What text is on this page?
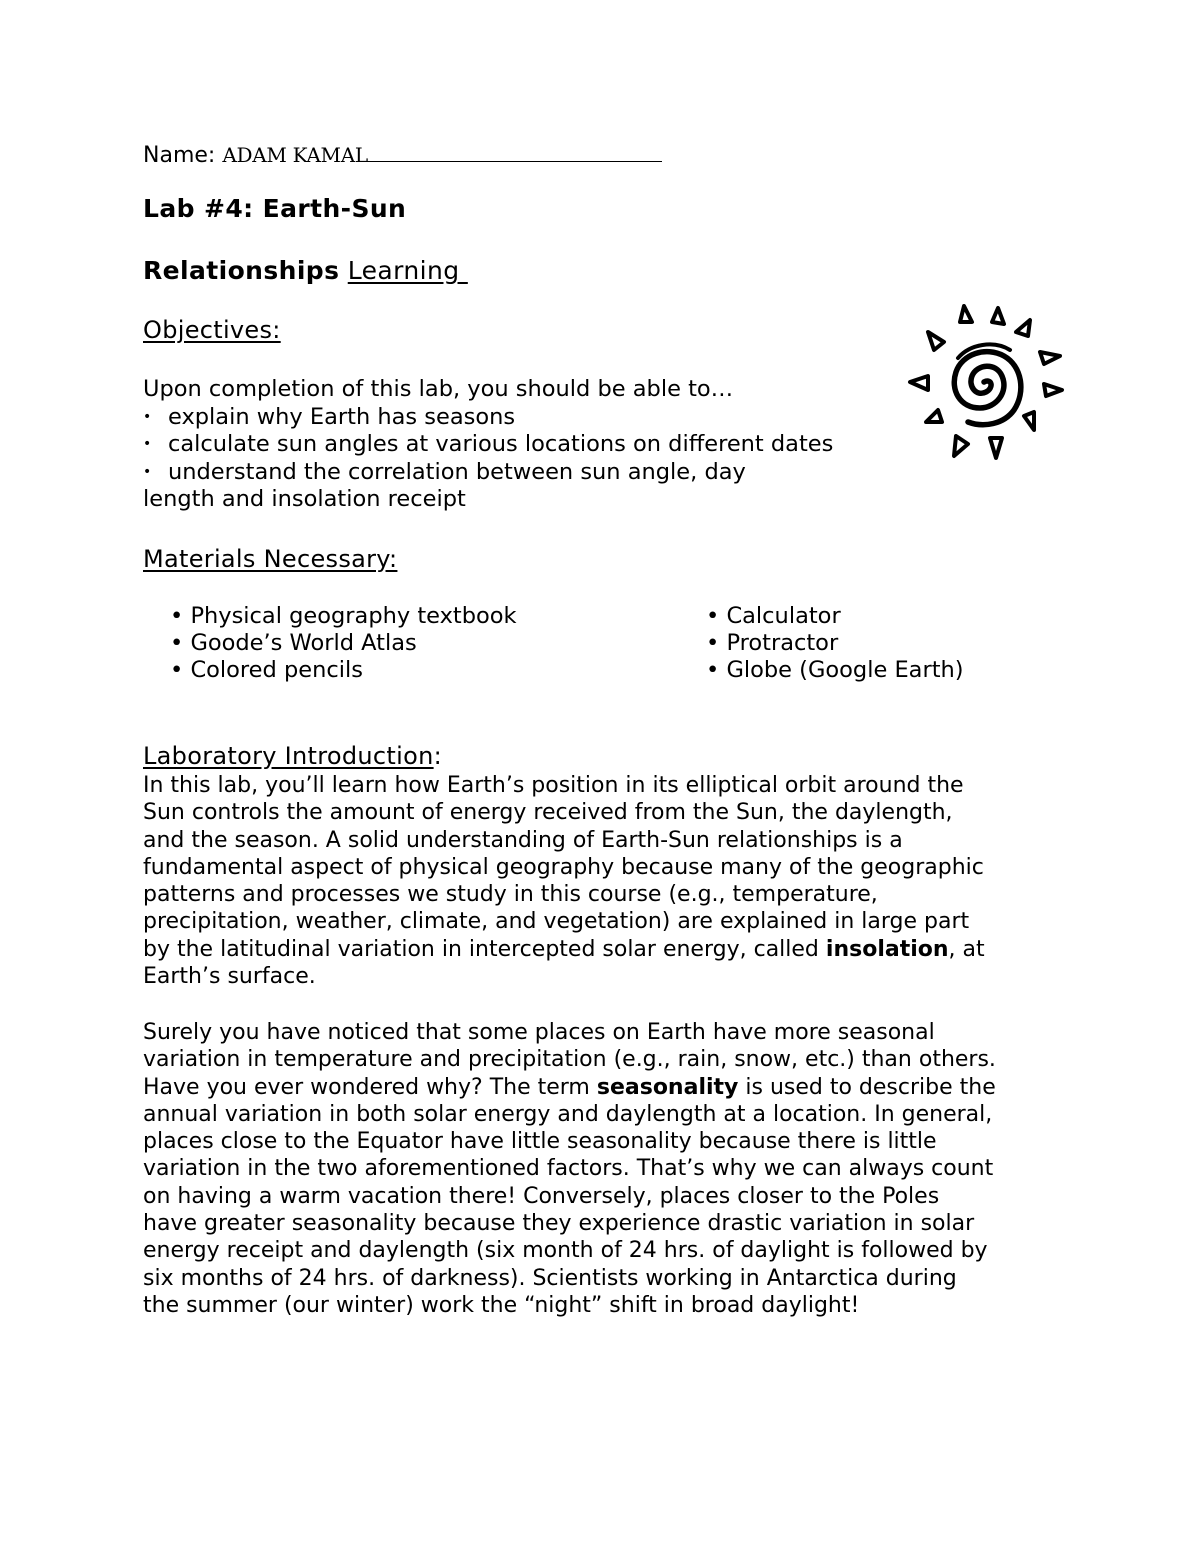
Name: ADAM KAMAL
Lab #4: Earth-Sun
Relationships Learning
Objectives:
Upon completion of this lab, you should be able to…
• explain why Earth has seasons
• calculate sun angles at various locations on different dates
• understand the correlation between sun angle, day
length and insolation receipt
Materials Necessary:
• Physical geography textbook
• Goode’s World Atlas
• Colored pencils
• Calculator
• Protractor
• Globe (Google Earth)
Laboratory Introduction:
In this lab, you’ll learn how Earth’s position in its elliptical orbit around the
Sun controls the amount of energy received from the Sun, the daylength,
and the season. A solid understanding of Earth-Sun relationships is a
fundamental aspect of physical geography because many of the geographic
patterns and processes we study in this course (e.g., temperature,
precipitation, weather, climate, and vegetation) are explained in large part
by the latitudinal variation in intercepted solar energy, called insolation, at
Earth’s surface.
Surely you have noticed that some places on Earth have more seasonal
variation in temperature and precipitation (e.g., rain, snow, etc.) than others.
Have you ever wondered why? The term seasonality is used to describe the
annual variation in both solar energy and daylength at a location. In general,
places close to the Equator have little seasonality because there is little
variation in the two aforementioned factors. That’s why we can always count
on having a warm vacation there! Conversely, places closer to the Poles
have greater seasonality because they experience drastic variation in solar
energy receipt and daylength (six month of 24 hrs. of daylight is followed by
six months of 24 hrs. of darkness). Scientists working in Antarctica during
the summer (our winter) work the “night” shift in broad daylight!
